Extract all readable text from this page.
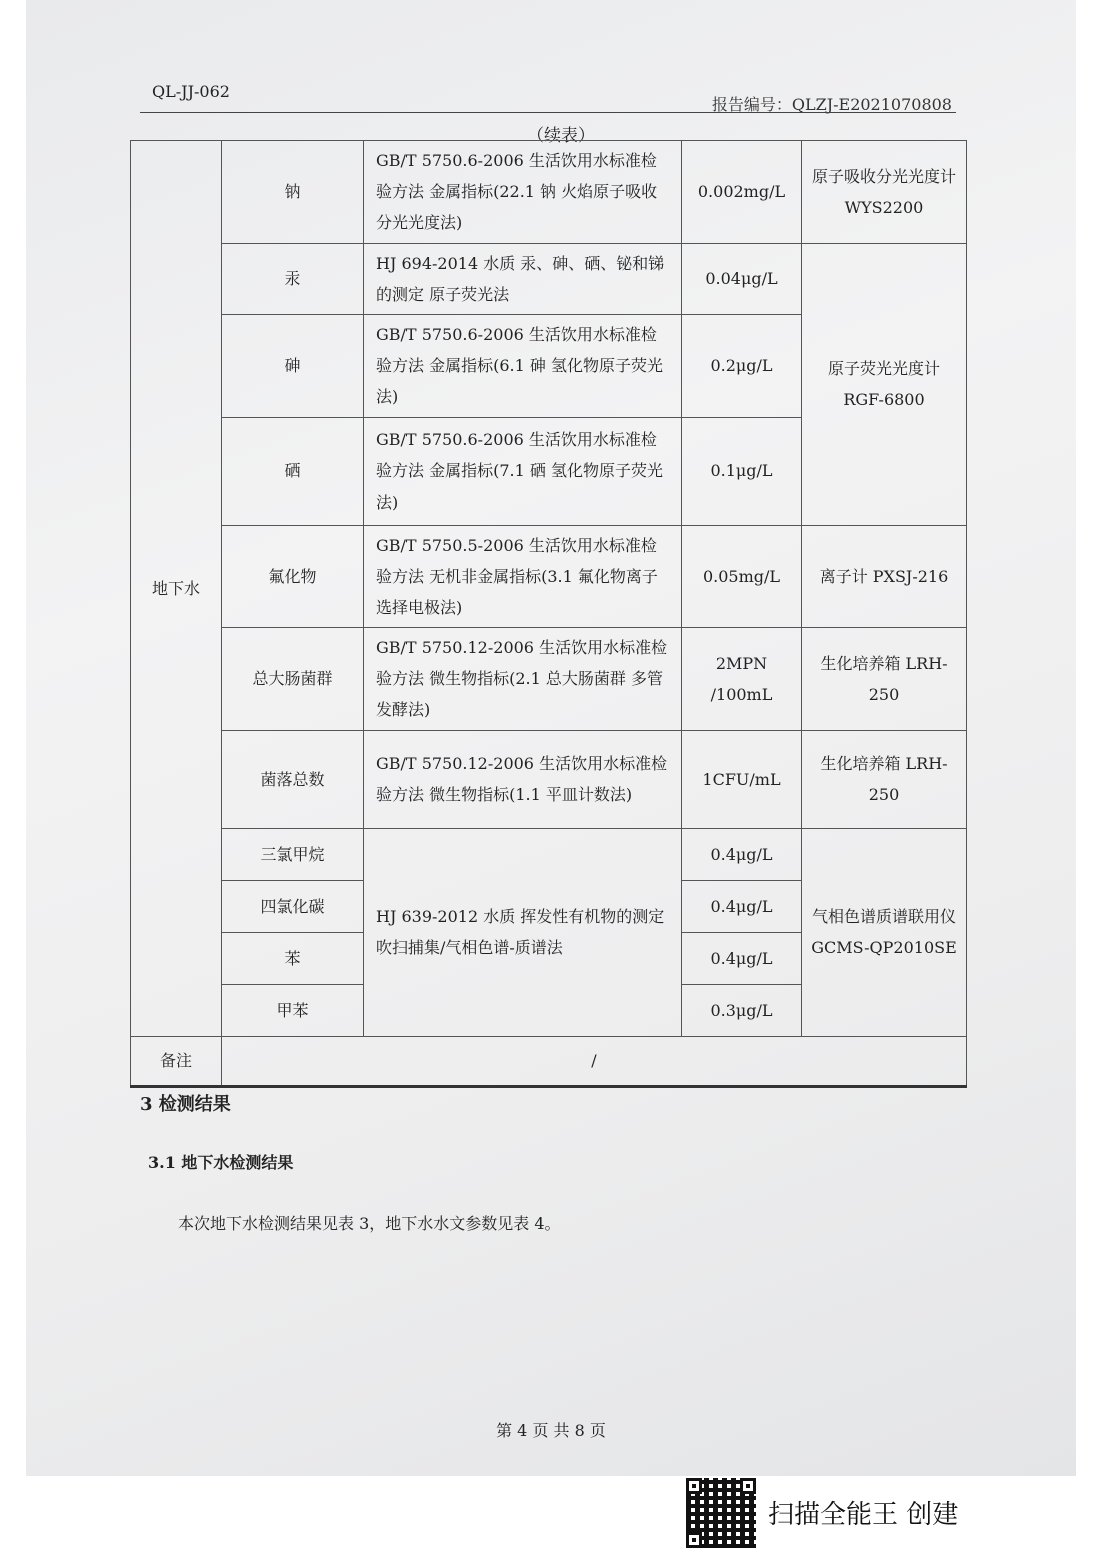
QL-JJ-062
报告编号：QLZJ-E2021070808
（续表）
地下水	钠	GB/T 5750.6-2006 生活饮用水标准检验方法 金属指标(22.1 钠 火焰原子吸收分光光度法)	0.002mg/L	原子吸收分光光度计 WYS2200
	汞	HJ 694-2014 水质 汞、砷、硒、铋和锑的测定 原子荧光法	0.04μg/L	原子荧光光度计 RGF-6800
	砷	GB/T 5750.6-2006 生活饮用水标准检验方法 金属指标(6.1 砷 氢化物原子荧光法)	0.2μg/L	
	硒	GB/T 5750.6-2006 生活饮用水标准检验方法 金属指标(7.1 硒 氢化物原子荧光法)	0.1μg/L	
	氟化物	GB/T 5750.5-2006 生活饮用水标准检验方法 无机非金属指标(3.1 氟化物离子选择电极法)	0.05mg/L	离子计 PXSJ-216
	总大肠菌群	GB/T 5750.12-2006 生活饮用水标准检验方法 微生物指标(2.1 总大肠菌群 多管发酵法)	2MPN /100mL	生化培养箱 LRH-250
	菌落总数	GB/T 5750.12-2006 生活饮用水标准检验方法 微生物指标(1.1 平皿计数法)	1CFU/mL	生化培养箱 LRH-250
	三氯甲烷	HJ 639-2012 水质 挥发性有机物的测定 吹扫捕集/气相色谱-质谱法	0.4μg/L	气相色谱质谱联用仪 GCMS-QP2010SE
	四氯化碳		0.4μg/L	
	苯		0.4μg/L	
	甲苯		0.3μg/L	
备注	/			
3 检测结果
3.1 地下水检测结果
本次地下水检测结果见表 3，地下水水文参数见表 4。
第 4 页 共 8 页
扫描全能王 创建
